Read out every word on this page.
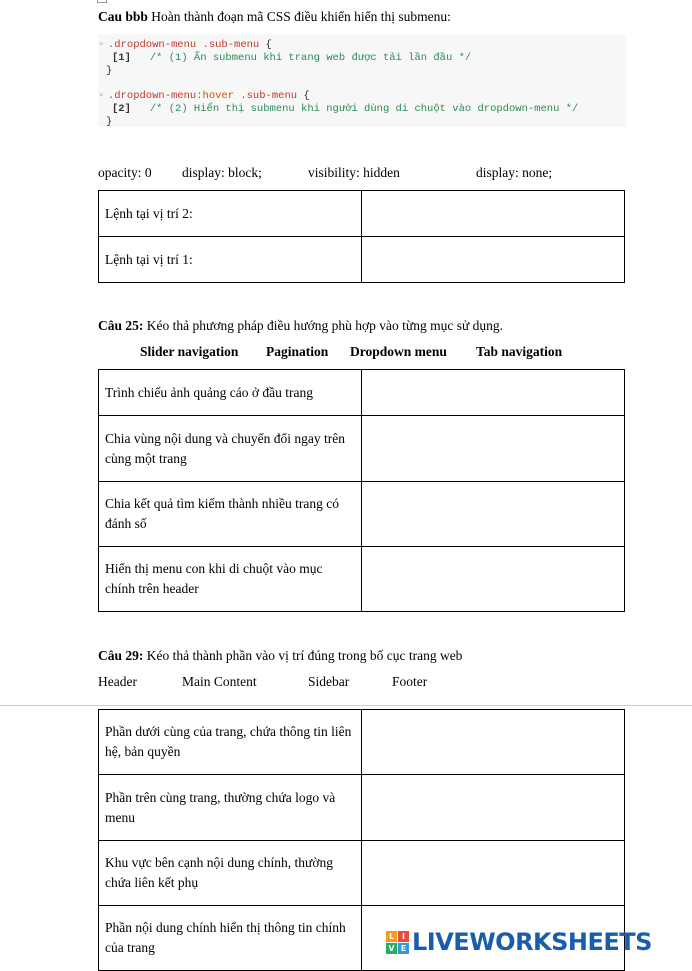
Cau bbb Hoàn thành đoạn mã CSS điều khiển hiển thị submenu:
▫ .dropdown-menu .sub-menu {
[1] /* (1) Ẩn submenu khi trang web được tải lần đầu */
}
▫ .dropdown-menu:hover .sub-menu {
[2] /* (2) Hiển thị submenu khi người dùng di chuột vào dropdown-menu */
}
opacity: 0 display: block;	visibility: hidden	display: none;
Lệnh tại vị trí 2:	
Lệnh tại vị trí 1:	
Câu 25: Kéo thả phương pháp điều hướng phù hợp vào từng mục sử dụng.
Slider navigation Pagination Dropdown menu Tab navigation
Trình chiếu ảnh quảng cáo ở đầu trang	
Chia vùng nội dung và chuyển đổi ngay trên cùng một trang	
Chia kết quả tìm kiếm thành nhiều trang có đánh số	
Hiển thị menu con khi di chuột vào mục chính trên header	
Câu 29: Kéo thả thành phần vào vị trí đúng trong bố cục trang web
Header	Main Content	Sidebar	Footer
Phần dưới cùng của trang, chứa thông tin liên hệ, bản quyền	
Phần trên cùng trang, thường chứa logo và menu	
Khu vực bên cạnh nội dung chính, thường chứa liên kết phụ	
Phần nội dung chính hiển thị thông tin chính của trang	
L I
V E LIVEWORKSHEETS
